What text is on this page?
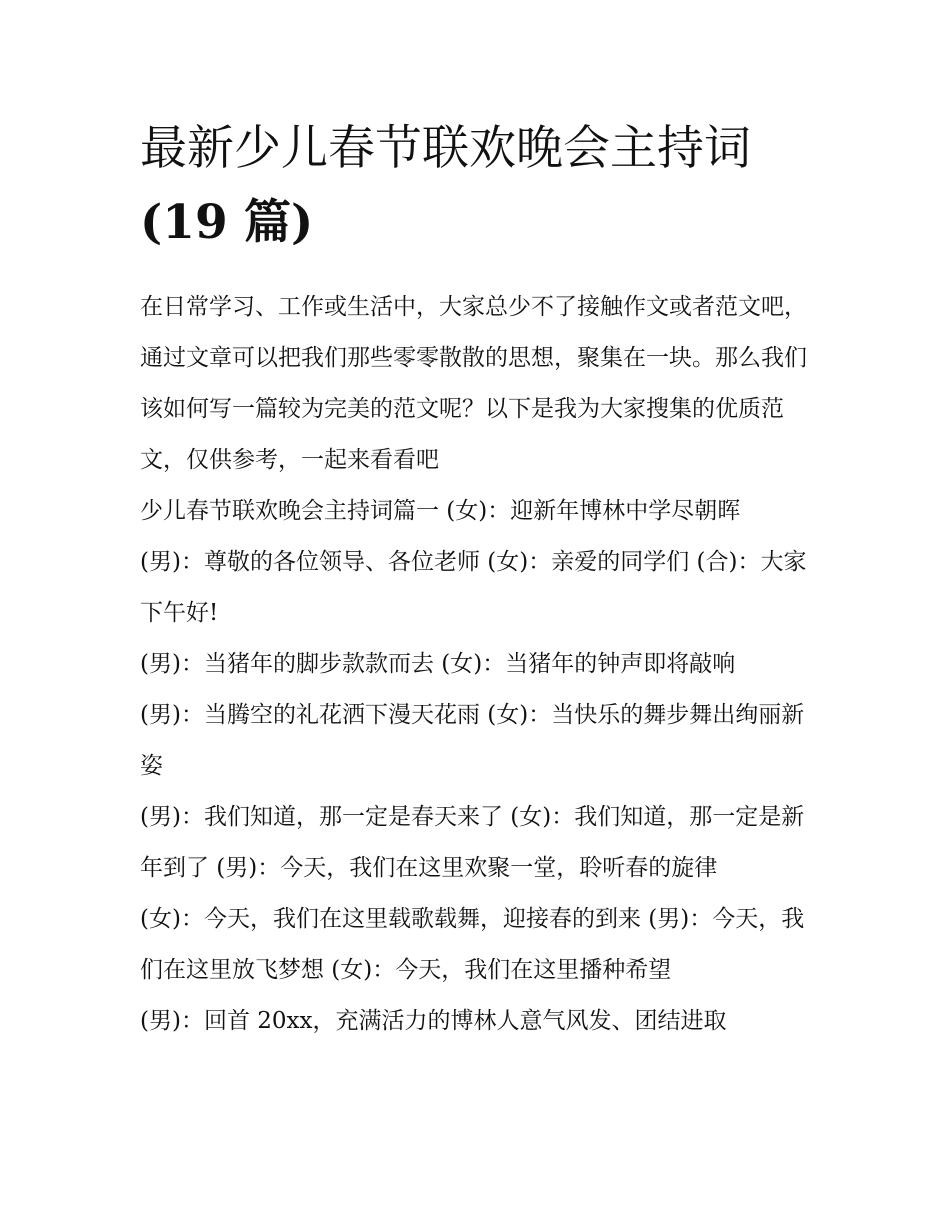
最新少儿春节联欢晚会主持词
(19 篇)

在日常学习、工作或生活中，大家总少不了接触作文或者范文吧，通过文章可以把我们那些零零散散的思想，聚集在一块。那么我们该如何写一篇较为完美的范文呢？以下是我为大家搜集的优质范文，仅供参考，一起来看看吧

少儿春节联欢晚会主持词篇一 (女)：迎新年博林中学尽朝晖

(男)：尊敬的各位领导、各位老师 (女)：亲爱的同学们 (合)：大家下午好!

(男)：当猪年的脚步款款而去 (女)：当猪年的钟声即将敲响

(男)：当腾空的礼花洒下漫天花雨 (女)：当快乐的舞步舞出绚丽新姿

(男)：我们知道，那一定是春天来了 (女)：我们知道，那一定是新年到了 (男)：今天，我们在这里欢聚一堂，聆听春的旋律

(女)：今天，我们在这里载歌载舞，迎接春的到来 (男)：今天，我们在这里放飞梦想 (女)：今天，我们在这里播种希望

(男)：回首 20xx，充满活力的博林人意气风发、团结进取
